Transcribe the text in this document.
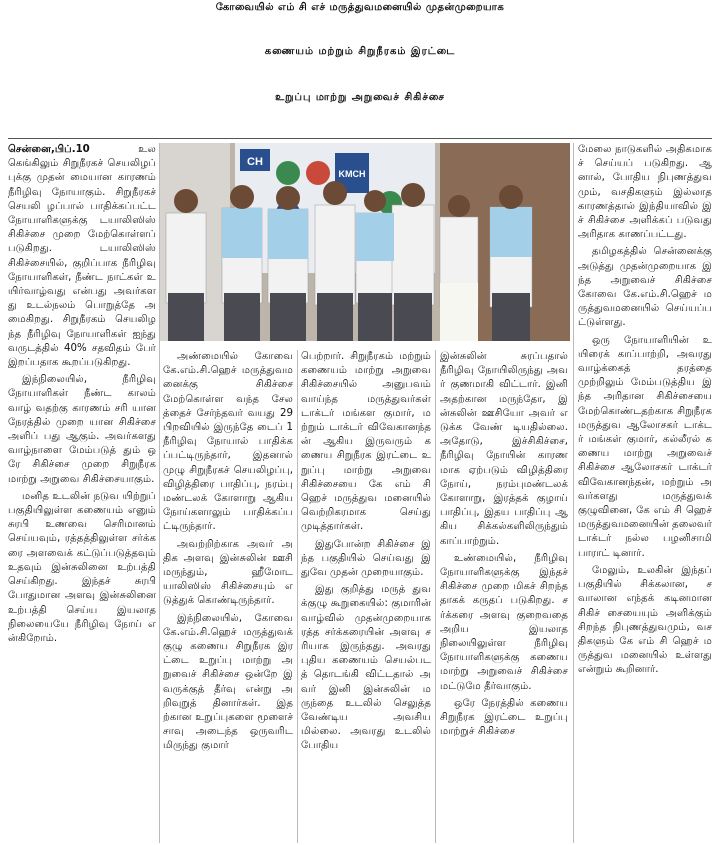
கோவையில் எம் சி எச் மருத்துவமனையில் முதன்முறையாக
கணையம் மற்றும் சிறுநீரகம் இரட்டை
உறுப்பு மாற்று அறுவைச் சிகிச்சை

சென்னை,பிப்.10	உல கெங்கிலும் சிறுநீரகச் செயலிழப் புக்கு முதன் மையான காரணம் நீரிழிவு நோயாகும். சிறுநீரகச் செயலி ழப்பால் பாதிக்கப்பட்ட நோயாளிகளுக்கு டயாலிஸிஸ் சிகிச்சை முறை மேற்கொள்ளப் படுகிறது. டயாலிஸிஸ் சிகிச்சையில், குறிப்பாக நீரிழிவு நோயாளிகள், நீண்ட நாட்கள் உயிர்வாழ்வது என்பது அவர்களது உடல்நலம் பொறுத்தே அமைகிறது. சிறுநீரகம் செயலிழந்த நீரிழிவு நோயாளிகள் ஐந்து வருடத்தில் 40% சதவிதம் பேர் இறப்பதாக கூறப்படுகிறது.

இந்நிலையில், நீரிழிவு நோயாளிகள் நீண்ட காலம் வாழ் வதற்கு காரணம் சரி யான நேரத்தில் முறை யான சிகிச்சை அளிப் பது ஆகும். அவர்களது வாழ்நாளை மேம்படுத் தும் ஒரே சிகிச்சை முறை சிறுநீரக மாற்று அறுவை சிகிச்சையாகும்.

மனித உடலின் நடுவ யிற்றுப் பகுதியிலுள்ள கணையம் எனும் சுரபி உணவை செரிமானம் செய்யவும், ரத்தத்திலுள்ள சர்க்கரை அளவைக் கட்டுப்படுத்தவும் உதவும் இன்சுலினை உற்பத்தி செய்கிறது. இந்தச் சுரபி போதுமான அளவு இன்சுலினை உற்பத்தி செய்ய இயலாத நிலையையே நீரிழிவு நோய் என்கிறோம்.

CH
KMCH

அண்மையில் கோவை கே.எம்.சி.ஹெச் மருத்துவமனைக்கு சிகிச்சை மேற்கொள்ள வந்த சேலத்தைச் சேர்ந்தவர் வயது 29 பிறவியில் இருந்தே டைப் 1 நீரிழிவு நோயால் பாதிக்கப்பட்டிருந்தார், இதனால் முழு சிறுநீரகச் செயலிழப்பு, விழித்திரை பாதிப்பு, நரம்பு மண்டலக் கோளாறு ஆகிய நோய்களாலும் பாதிக்கப்பட்டிருந்தார்.

அவற்றிற்காக அவர் அதிக அளவு இன்சுலின் ஊசி மருந்தும், ஹீமோடயாலிஸிஸ் சிகிச்சையும் எடுத்துக் கொண்டிருந்தார்.

இந்நிலையில், கோவை கே.எம்.சி.ஹெச் மருத்துவக் குழு கணைய சிறுநீரக இரட்டை உறுப்பு மாற்று அறுவைச் சிகிச்சை ஒன்றே இவருக்குத் தீர்வு என்று அறிவுறுத் தினார்கள். இதற்கான உறுப்புகளை மூளைச் சாவு அடைந்த ஒருவரிடமிருந்து குமார்

பெற்றார். சிறுநீரகம் மற்றும் கணையம் மாற்று அறுவை சிகிச்சையில் அனுபவம் வாய்ந்த மருத்துவர்கள் டாக்டர் மங்கள குமார், மற்றும் டாக்டர் விவேகானந்தன் ஆகிய இருவரும் கணைய சிறுநீரக இரட்டை உறுப்பு மாற்று அறுவை சிகிச்சையை கே எம் சி ஹெச் மருத்துவ மனையில் வெற்றிகரமாக செய்து முடித்தார்கள்.

இதுபோன்ற சிகிச்சை இந்த பகுதியில் செய்வது இதுவே முதன் முறையாகும்.

இது குறித்து மருத் துவக்குழு கூறுகையில்: குமாரின் வாழ்வில் முதன்முறையாக ரத்த சர்க்கரையின் அளவு சரியாக இருந்தது. அவரது புதிய கணையம் செயல்படத் தொடங்கி விட்டதால் அவர் இனி இன்சுலின் மருந்தை உடலில் செலுத்த வேண்டிய அவசிய மில்லை. அவரது உடலில் போதிய

இன்சுலின் சுரப்பதால் நீரிழிவு நோயிலிருந்து அவர் குணமாகி விட்டார். இனி அதற்கான மருந்தோ, இன்சுலின் ஊசியோ அவர் எடுக்க வேண் டியதில்லை. அதோடு, இச்சிகிச்சை, நீரிழிவு நோயின் காரணமாக ஏற்படும் விழித்திரை நோய், நரம்புமண்டலக் கோளாறு, இரத்தக் குழாய் பாதிப்பு, இதய பாதிப்பு ஆகிய சிக்கல்களிலிருந்தும் காப்பாற்றும்.

உண்மையில், நீரிழிவு நோயாளிகளுக்கு இந்தச் சிகிச்சை முறை மிகச் சிறந்ததாகக் கருதப் படுகிறது. சர்க்கரை அளவு குறைவதை அறிய இயலாத நிலையிலுள்ள நீரிழிவு நோயாளிகளுக்கு கணைய மாற்று அறுவைச் சிகிச்சை மட்டுமே தீர்வாகும்.

ஒரே நேரத்தில் கணைய சிறுநீரக இரட்டை உறுப்பு மாற்றுச் சிகிச்சை

மேலை நாடுகளில் அதிகமாகச் செய்யப் படுகிறது. ஆனால், போதிய நிபுணத்துவமும், வசதிகளும் இல்லாத காரணத்தால் இந்தியாவில் இச் சிகிச்சை அளிக்கப் படுவது அரிதாக காணப்பட்டது.

தமிழகத்தில் சென்னைக்கு அடுத்து முதன்முறையாக இந்த அறுவைச் சிகிச்சை கோவை கே.எம்.சி.ஹெச் மருத்துவமனையில் செய்யப்பட்டுள்ளது.

ஒரு நோயாளியின் உயிரைக் காப்பாற்றி, அவரது வாழ்க்கைத் தரத்தை முற்றிலும் மேம்படுத்திய இந்த அரிதான சிகிச்சையை மேற்கொண்டதற்காக சிறுநீரக மருத்துவ ஆலோசகர் டாக்டர் மங்கள் குமார், கல்லீரல் கணைய மாற்று அறுவைச் சிகிச்சை ஆலோசகர் டாக்டர் விவேகானந்தன், மற்றும் அவர்களது மருத்துவக் குழுவினை, கே எம் சி ஹெச் மருத்துவமனையின் தலைவர் டாக்டர் நல்ல பழனிசாமி பாராட் டினார்.

மேலும், உலகின் இந்தப் பகுதியில் சிக்கலான, சவாலான எந்தக் கடினமான சிகிச் சையையும் அளிக்கும் சிறந்த நிபுணத்துவமும், வசதிகளும் கே எம் சி ஹெச் மருத்துவ மனையில் உள்ளது என்றும் கூறினார்.
